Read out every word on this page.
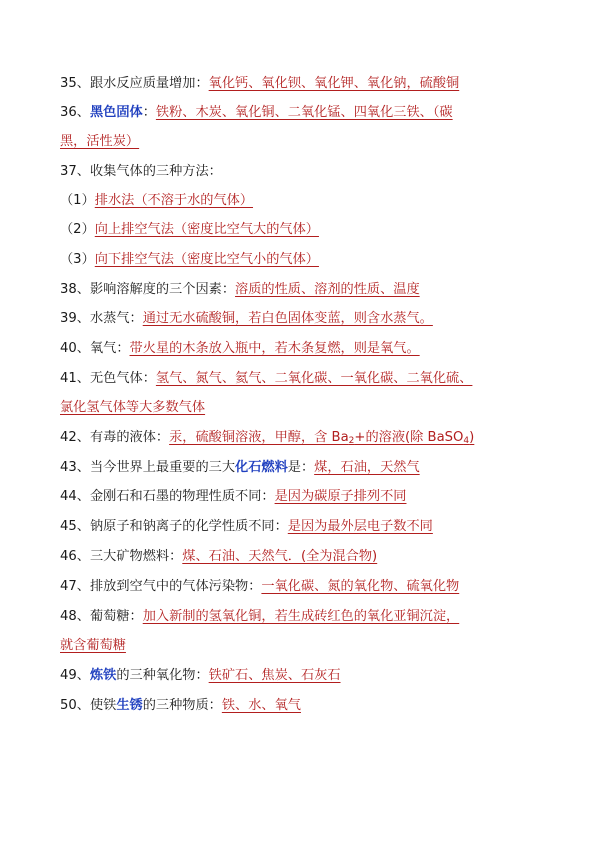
35、跟水反应质量增加：氧化钙、氧化钡、氧化钾、氧化钠，硫酸铜
36、黑色固体：铁粉、木炭、氧化铜、二氧化锰、四氧化三铁、（碳
黑，活性炭）
37、收集气体的三种方法：
（1）排水法（不溶于水的气体）
（2）向上排空气法（密度比空气大的气体）
（3）向下排空气法（密度比空气小的气体）
38、影响溶解度的三个因素：溶质的性质、溶剂的性质、温度
39、水蒸气：通过无水硫酸铜，若白色固体变蓝，则含水蒸气。
40、氧气：带火星的木条放入瓶中，若木条复燃，则是氧气。
41、无色气体：氢气、氮气、氦气、二氧化碳、一氧化碳、二氧化硫、
氯化氢气体等大多数气体
42、有毒的液体：汞，硫酸铜溶液，甲醇，含 $Ba_2+$的溶液(除 BaSO$_4$)
43、当今世界上最重要的三大化石燃料是：煤，石油，天然气
44、金刚石和石墨的物理性质不同：是因为碳原子排列不同
45、钠原子和钠离子的化学性质不同：是因为最外层电子数不同
46、三大矿物燃料：煤、石油、天然气．(全为混合物)
47、排放到空气中的气体污染物：一氧化碳、氮的氧化物、硫氧化物
48、葡萄糖：加入新制的氢氧化铜，若生成砖红色的氧化亚铜沉淀，
就含葡萄糖
49、炼铁的三种氧化物：铁矿石、焦炭、石灰石
50、使铁生锈的三种物质：铁、水、氧气
